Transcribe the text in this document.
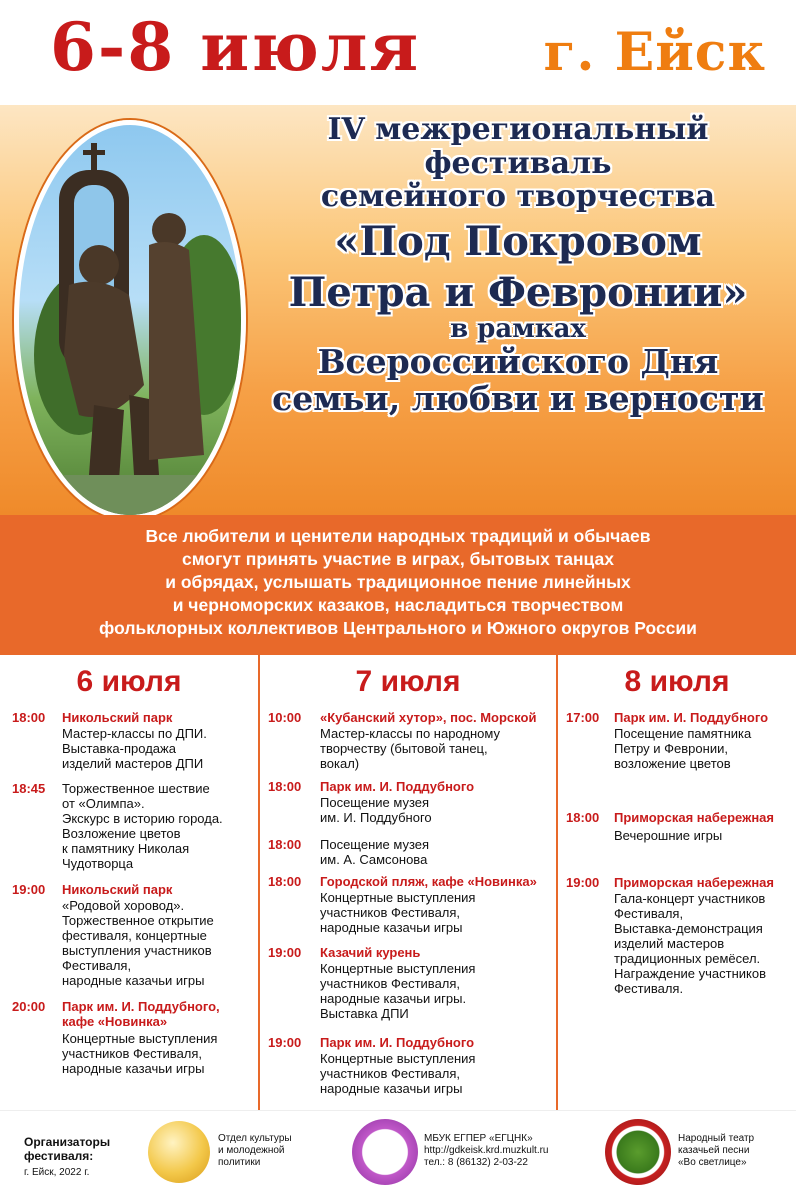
6-8 июля г. Ейск
IV межрегиональный
фестиваль
семейного творчества
«Под Покровом
Петра и Февронии»
в рамках
Всероссийского Дня
семьи, любви и верности
Все любители и ценители народных традиций и обычаев
смогут принять участие в играх, бытовых танцах
и обрядах, услышать традиционное пение линейных
и черноморских казаков, насладиться творчеством
фольклорных коллективов Центрального и Южного округов России
6 июля
18:00	Никольский парк
Мастер-классы по ДПИ.
Выставка-продажа
изделий мастеров ДПИ
18:45	Торжественное шествие
от «Олимпа».
Экскурс в историю города.
Возложение цветов
к памятнику Николая
Чудотворца
19:00	Никольский парк
«Родовой хоровод».
Торжественное открытие
фестиваля, концертные
выступления участников
Фестиваля,
народные казачьи игры
20:00	Парк им. И. Поддубного,
кафе «Новинка»
Концертные выступления
участников Фестиваля,
народные казачьи игры
7 июля
10:00	«Кубанский хутор», пос. Морской
Мастер-классы по народному
творчеству (бытовой танец,
вокал)
18:00	Парк им. И. Поддубного
Посещение музея
им. И. Поддубного
18:00	Посещение музея
им. А. Самсонова
18:00	Городской пляж, кафе «Новинка»
Концертные выступления
участников Фестиваля,
народные казачьи игры
19:00	Казачий курень
Концертные выступления
участников Фестиваля,
народные казачьи игры.
Выставка ДПИ
19:00	Парк им. И. Поддубного
Концертные выступления
участников Фестиваля,
народные казачьи игры
8 июля
17:00	Парк им. И. Поддубного
Посещение памятника
Петру и Февронии,
возложение цветов
18:00	Приморская набережная
Вечерошние игры
19:00	Приморская набережная
Гала-концерт участников
Фестиваля,
Выставка-демонстрация
изделий мастеров
традиционных ремёсел.
Награждение участников
Фестиваля.
Организаторы
фестиваля:
г. Ейск, 2022 г.
Отдел культуры
и молодежной
политики
МБУК ЕГПЕР «ЕГЦНК»
http://gdkeisk.krd.muzkult.ru
тел.: 8 (86132) 2-03-22
Народный театр
казачьей песни
«Во светлице»
